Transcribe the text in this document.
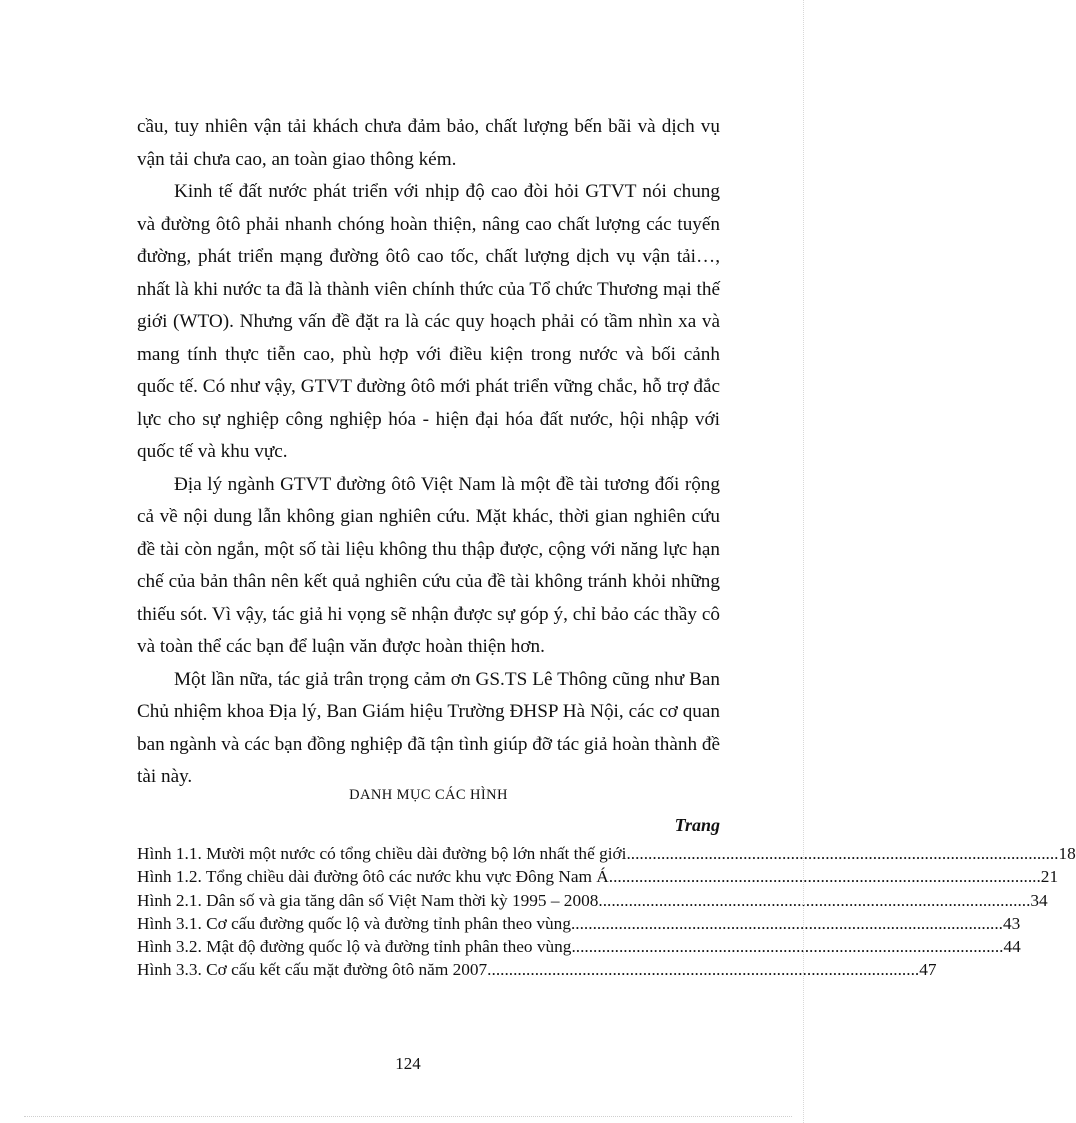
cầu, tuy nhiên vận tải khách chưa đảm bảo, chất lượng bến bãi và dịch vụ vận tải chưa cao, an toàn giao thông kém.

Kinh tế đất nước phát triển với nhịp độ cao đòi hỏi GTVT nói chung và đường ôtô phải nhanh chóng hoàn thiện, nâng cao chất lượng các tuyến đường, phát triển mạng đường ôtô cao tốc, chất lượng dịch vụ vận tải…, nhất là khi nước ta đã là thành viên chính thức của Tổ chức Thương mại thế giới (WTO). Nhưng vấn đề đặt ra là các quy hoạch phải có tầm nhìn xa và mang tính thực tiễn cao, phù hợp với điều kiện trong nước và bối cảnh quốc tế. Có như vậy, GTVT đường ôtô mới phát triển vững chắc, hỗ trợ đắc lực cho sự nghiệp công nghiệp hóa - hiện đại hóa đất nước, hội nhập với quốc tế và khu vực.

Địa lý ngành GTVT đường ôtô Việt Nam là một đề tài tương đối rộng cả về nội dung lẫn không gian nghiên cứu. Mặt khác, thời gian nghiên cứu đề tài còn ngắn, một số tài liệu không thu thập được, cộng với năng lực hạn chế của bản thân nên kết quả nghiên cứu của đề tài không tránh khỏi những thiếu sót. Vì vậy, tác giả hi vọng sẽ nhận được sự góp ý, chỉ bảo các thầy cô và toàn thể các bạn để luận văn được hoàn thiện hơn.

Một lần nữa, tác giả trân trọng cảm ơn GS.TS Lê Thông cũng như Ban Chủ nhiệm khoa Địa lý, Ban Giám hiệu Trường ĐHSP Hà Nội, các cơ quan ban ngành và các bạn đồng nghiệp đã tận tình giúp đỡ tác giả hoàn thành đề tài này.

DANH MỤC CÁC HÌNH
Trang
Hình 1.1. Mười một nước có tổng chiều dài đường bộ lớn nhất thế giới .....	18
Hình 1.2. Tổng chiều dài đường ôtô các nước khu vực Đông Nam Á .....	21
Hình 2.1. Dân số và gia tăng dân số Việt Nam thời kỳ 1995 – 2008 .....	34
Hình 3.1. Cơ cấu đường quốc lộ và đường tỉnh phân theo vùng .....	43
Hình 3.2. Mật độ đường quốc lộ và đường tỉnh phân theo vùng .....	44
Hình 3.3. Cơ cấu kết cấu mặt đường ôtô năm 2007 .....	47
124
